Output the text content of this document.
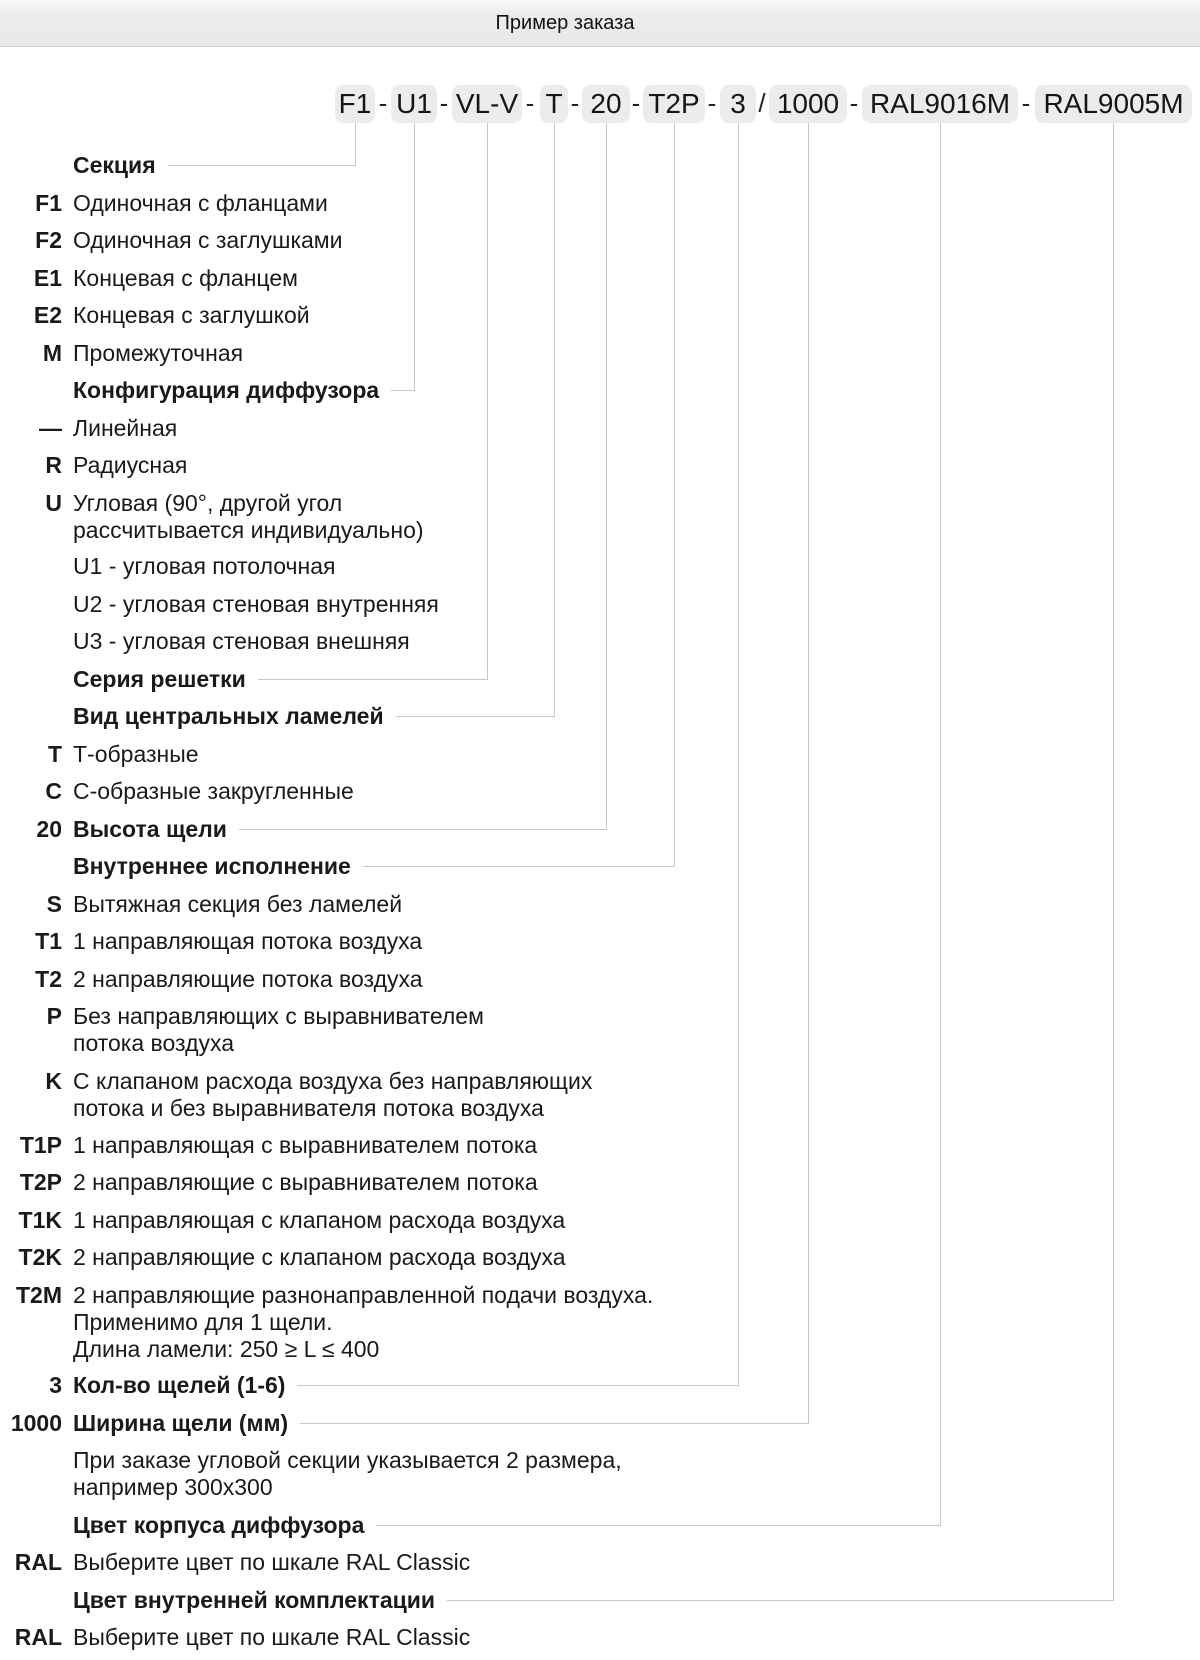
Пример заказа
F1 U1 VL-V T 20 T2P	3	1000 RAL9016M	RAL9005M
- -	- - -	- /	-	-
Секция
F1 Одиночная с фланцами
F2 Одиночная с заглушками
E1 Концевая с фланцем
E2 Концевая с заглушкой
M Промежуточная
Конфигурация диффузора
— Линейная
R Радиусная
U Угловая (90°, другой угол
рассчитывается индивидуально)
U1 - угловая потолочная
U2 - угловая стеновая внутренняя
U3 - угловая стеновая внешняя
Серия решетки
Вид центральных ламелей
T Т-образные
C С-образные закругленные
20 Высота щели
Внутреннее исполнение
S Вытяжная секция без ламелей
T1 1 направляющая потока воздуха
T2 2 направляющие потока воздуха
P Без направляющих с выравнивателем
потока воздуха
K С клапаном расхода воздуха без направляющих
потока и без выравнивателя потока воздуха
T1P 1 направляющая с выравнивателем потока
T2P 2 направляющие с выравнивателем потока
T1K 1 направляющая с клапаном расхода воздуха
T2K 2 направляющие с клапаном расхода воздуха
T2M 2 направляющие разнонаправленной подачи воздуха.
Применимо для 1 щели.
Длина ламели: 250 ≥ L ≤ 400
3 Кол-во щелей (1-6)
1000 Ширина щели (мм)
При заказе угловой секции указывается 2 размера,
например 300x300
Цвет корпуса диффузора
RAL Выберите цвет по шкале RAL Classic
Цвет внутренней комплектации
RAL Выберите цвет по шкале RAL Classic
